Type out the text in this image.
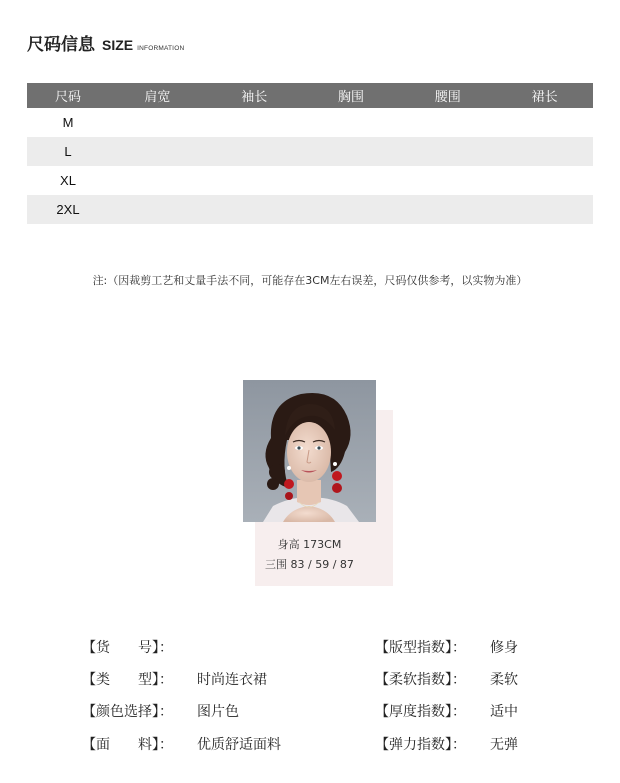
尺码信息 SIZE INFORMATION
尺码	肩宽	袖长	胸围	腰围	裙长
M					
L					
XL					
2XL					
注:（因裁剪工艺和丈量手法不同，可能存在3CM左右误差，尺码仅供参考，以实物为准）
身高 173CM
三围 83 / 59 / 87
【货　　号】：
【类　　型】： 时尚连衣裙
【颜色选择】： 图片色
【面　　料】： 优质舒适面料
【版型指数】： 修身
【柔软指数】： 柔软
【厚度指数】： 适中
【弹力指数】： 无弹
